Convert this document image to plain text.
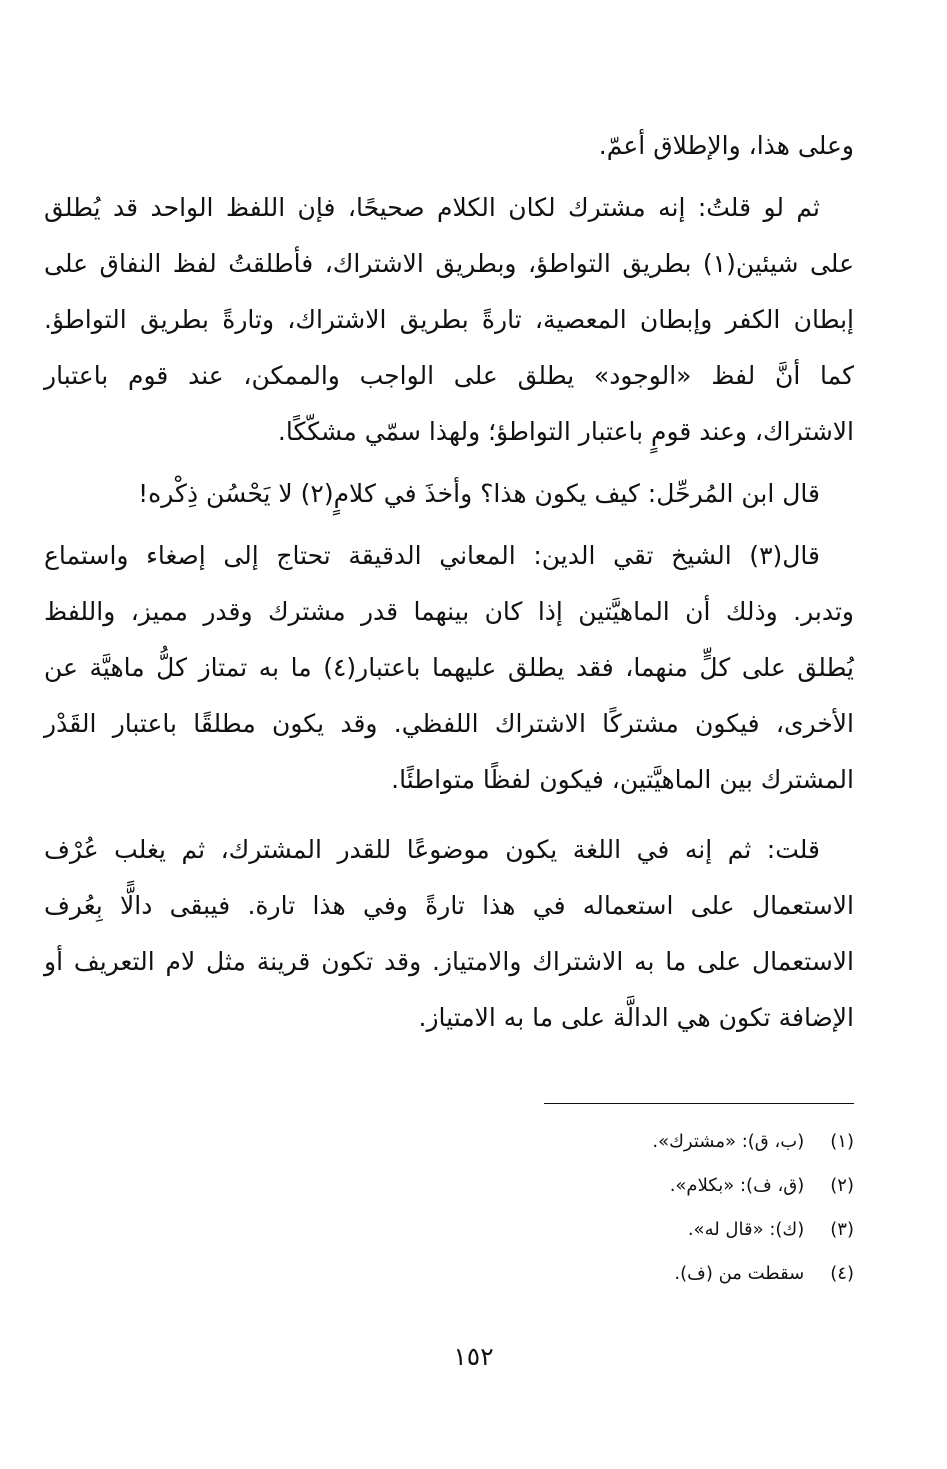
وعلى هذا، والإطلاق أعمّ.

ثم لو قلتُ: إنه مشترك لكان الكلام صحيحًا، فإن اللفظ الواحد قد يُطلق
على شيئين(١) بطريق التواطؤ، وبطريق الاشتراك، فأطلقتُ لفظ النفاق على
إبطان الكفر وإبطان المعصية، تارةً بطريق الاشتراك، وتارةً بطريق التواطؤ.
كما أنَّ لفظ «الوجود» يطلق على الواجب والممكن، عند قوم باعتبار
الاشتراك، وعند قومٍ باعتبار التواطؤ؛ ولهذا سمّي مشكّكًا.

قال ابن المُرحِّل: كيف يكون هذا؟ وأخذَ في كلامٍ(٢) لا يَحْسُن ذِكْره!

قال(٣) الشيخ تقي الدين: المعاني الدقيقة تحتاج إلى إصغاء واستماع
وتدبر. وذلك أن الماهيَّتين إذا كان بينهما قدر مشترك وقدر مميز، واللفظ
يُطلق على كلٍّ منهما، فقد يطلق عليهما باعتبار(٤) ما به تمتاز كلُّ ماهيَّة عن
الأخرى، فيكون مشتركًا الاشتراك اللفظي. وقد يكون مطلقًا باعتبار القَدْر
المشترك بين الماهيَّتين، فيكون لفظًا متواطئًا.

قلت: ثم إنه في اللغة يكون موضوعًا للقدر المشترك، ثم يغلب عُرْف
الاستعمال على استعماله في هذا تارةً وفي هذا تارة. فيبقى دالًّا بِعُرف
الاستعمال على ما به الاشتراك والامتياز. وقد تكون قرينة مثل لام التعريف أو
الإضافة تكون هي الدالَّة على ما به الامتياز.

(١) (ب، ق): «مشترك».
(٢) (ق، ف): «بكلام».
(٣) (ك): «قال له».
(٤) سقطت من (ف).
١٥٢
